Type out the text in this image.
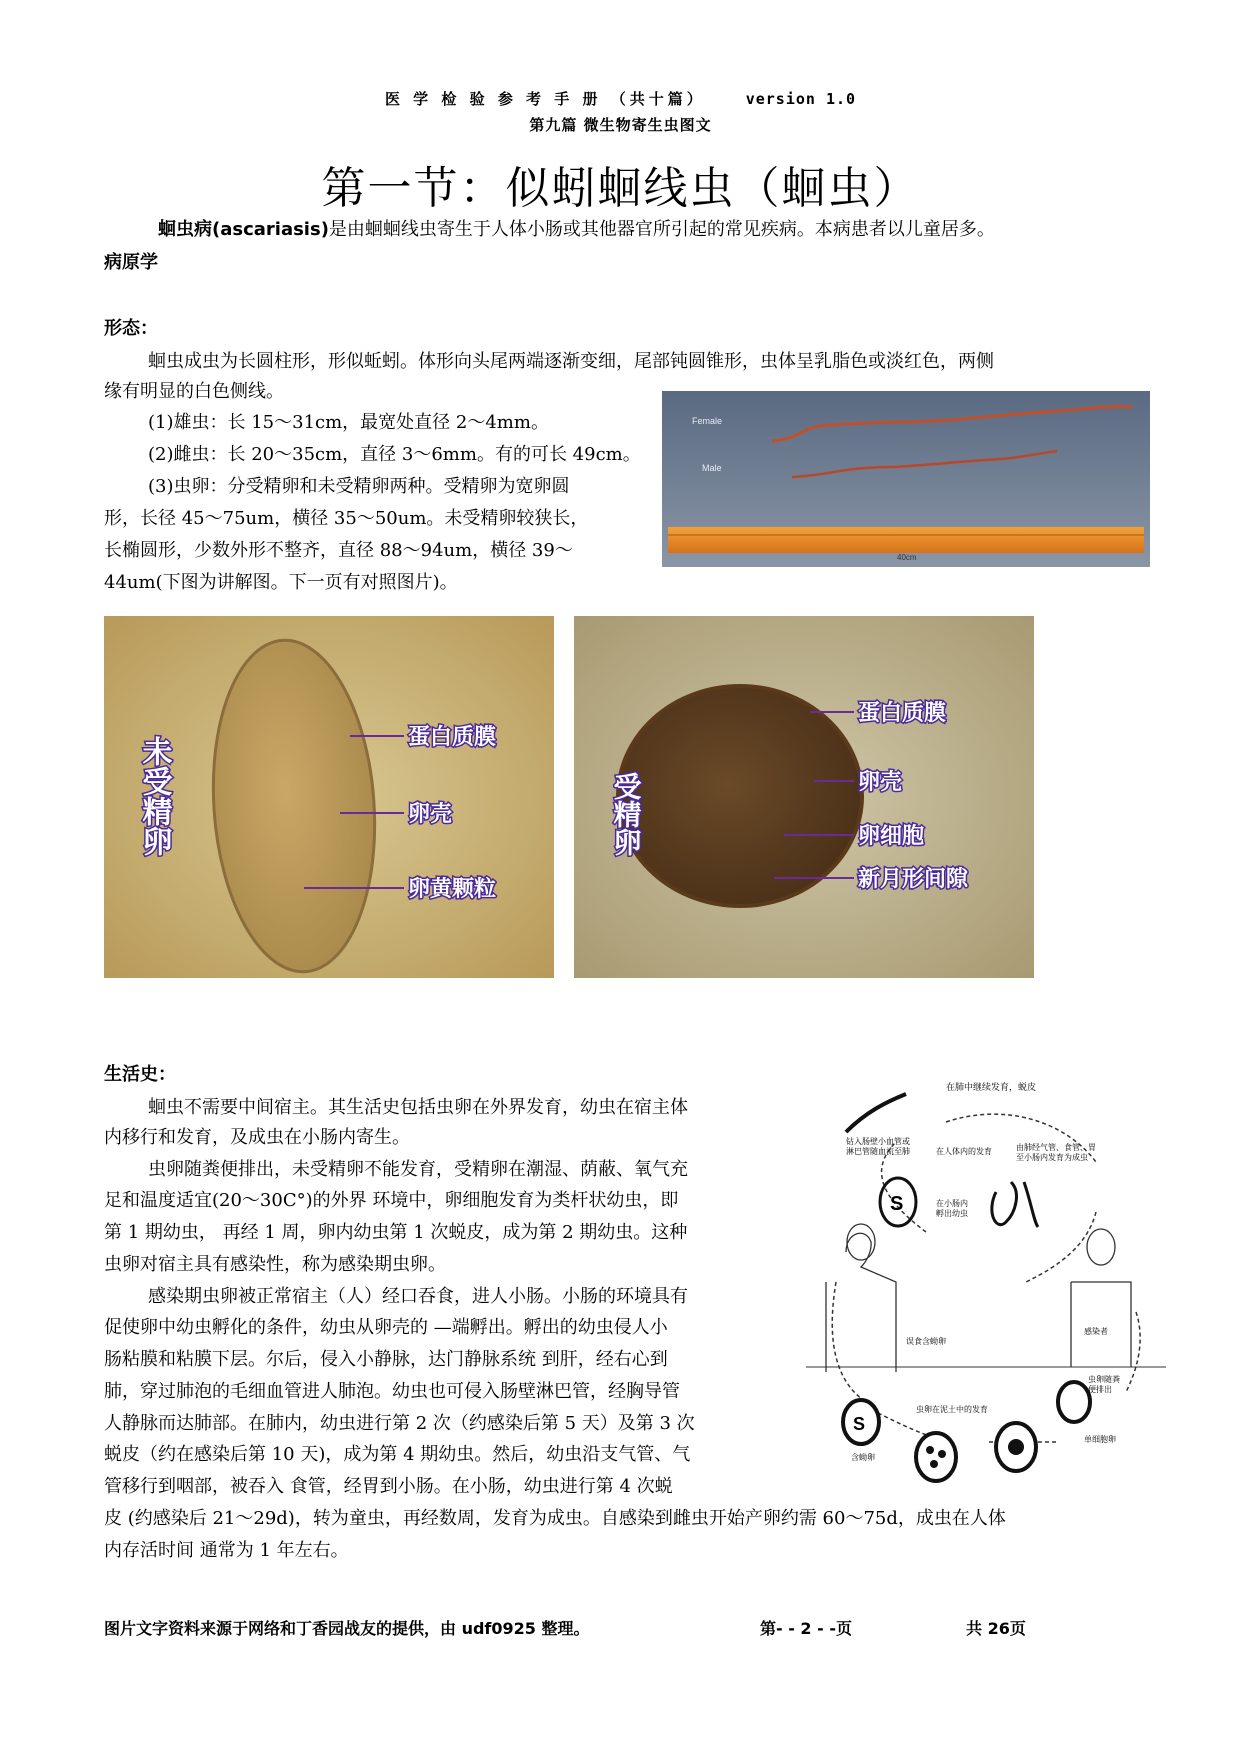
医 学 检 验 参 考 手 册 （共十篇）	version 1.0
第九篇 微生物寄生虫图文
第一节：似蚓蛔线虫（蛔虫）
蛔虫病(ascariasis)是由蛔蛔线虫寄生于人体小肠或其他器官所引起的常见疾病。本病患者以儿童居多。
病原学
形态：
蛔虫成虫为长圆柱形，形似蚯蚓。体形向头尾两端逐渐变细，尾部钝圆锥形，虫体呈乳脂色或淡红色，两侧
缘有明显的白色侧线。
(1)雄虫：长 15～31cm，最宽处直径 2～4mm。
(2)雌虫：长 20～35cm，直径 3～6mm。有的可长 49cm。
(3)虫卵：分受精卵和未受精卵两种。受精卵为宽卵圆
形，长径 45～75um，横径 35～50um。未受精卵较狭长，
长椭圆形，少数外形不整齐，直径 88～94um，横径 39～
44um(下图为讲解图。下一页有对照图片)。
Female
Male
40cm
蛋白质膜
卵壳
卵黄颗粒
未受精卵
蛋白质膜
卵壳
卵细胞
新月形间隙
受精卵
生活史：
蛔虫不需要中间宿主。其生活史包括虫卵在外界发育，幼虫在宿主体
内移行和发育，及成虫在小肠内寄生。
虫卵随粪便排出，未受精卵不能发育，受精卵在潮湿、荫蔽、氧气充
足和温度适宜(20～30C°)的外界 环境中，卵细胞发育为类杆状幼虫，即
第 1 期幼虫， 再经 1 周，卵内幼虫第 1 次蜕皮，成为第 2 期幼虫。这种
虫卵对宿主具有感染性，称为感染期虫卵。
感染期虫卵被正常宿主（人）经口吞食，进人小肠。小肠的环境具有
促使卵中幼虫孵化的条件，幼虫从卵壳的 —端孵出。孵出的幼虫侵人小
肠粘膜和粘膜下层。尔后，侵入小静脉，达门静脉系统 到肝，经右心到
肺，穿过肺泡的毛细血管进人肺泡。幼虫也可侵入肠壁淋巴管，经胸导管
人静脉而达肺部。在肺内，幼虫进行第 2 次（约感染后第 5 天）及第 3 次
蜕皮（约在感染后第 10 天)，成为第 4 期幼虫。然后，幼虫沿支气管、气
管移行到咽部，被吞入 食管，经胃到小肠。在小肠，幼虫进行第 4 次蜕
皮 (约感染后 21～29d)，转为童虫，再经数周，发育为成虫。自感染到雌虫开始产卵约需 60～75d，成虫在人体
内存活时间 通常为 1 年左右。
S
S
在肺中继续发育，蜕皮
钻入肠壁小血管或
淋巴管随血流至肺	在人体内的发育	由肺经气管、食管、胃
至小肠内发育为成虫
在小肠内
孵出幼虫
误食含蚴卵
感染者
虫卵随粪
便排出
虫卵在泥土中的发育
含蚴卵
单细胞卵
图片文字资料来源于网络和丁香园战友的提供，由 udf0925 整理。	第- - 2 - -页	共 26页
